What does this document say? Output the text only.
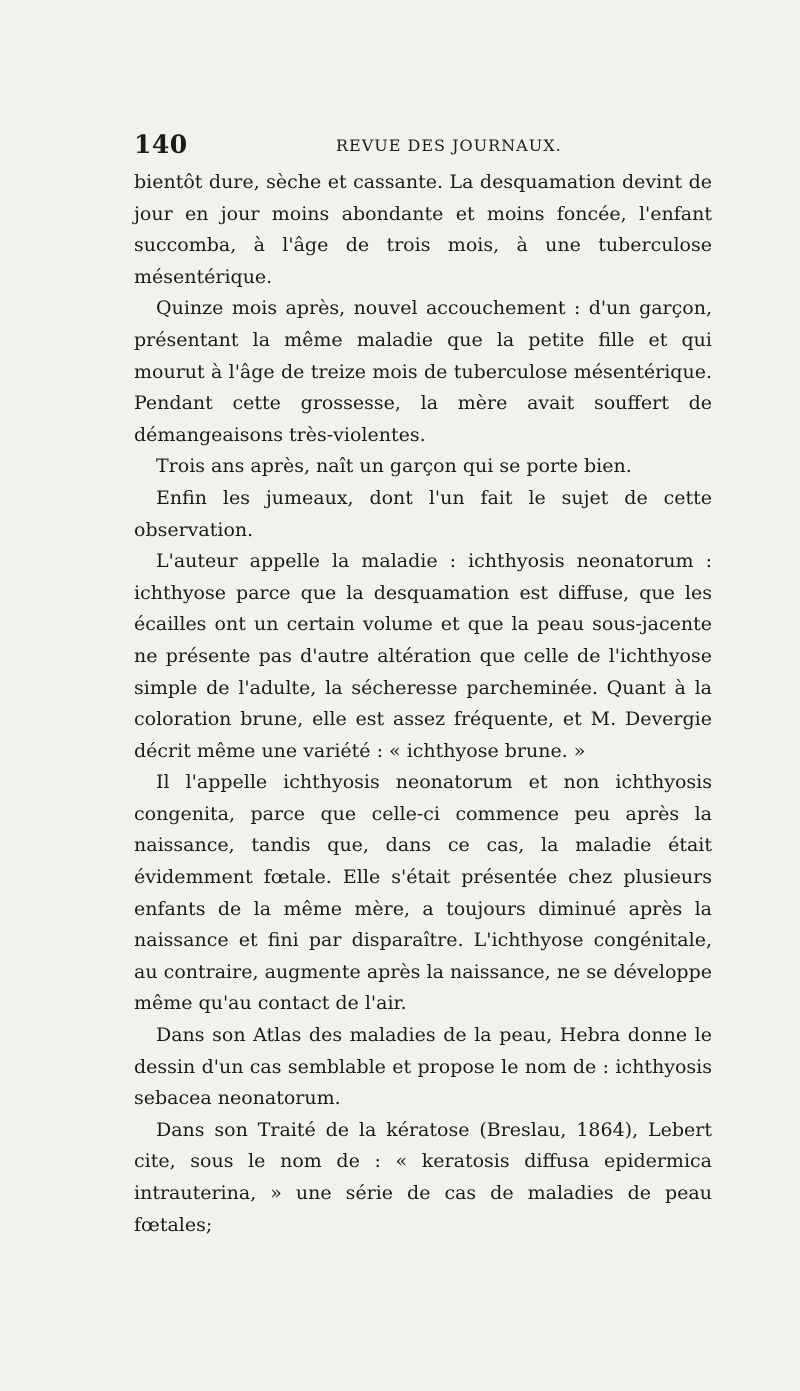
140	REVUE DES JOURNAUX.

bientôt dure, sèche et cassante. La desquamation devint de jour en jour moins abondante et moins foncée, l'enfant succomba, à l'âge de trois mois, à une tuberculose mésentérique.

Quinze mois après, nouvel accouchement : d'un garçon, présentant la même maladie que la petite fille et qui mourut à l'âge de treize mois de tuberculose mésentérique. Pendant cette grossesse, la mère avait souffert de démangeaisons très-violentes.

Trois ans après, naît un garçon qui se porte bien.

Enfin les jumeaux, dont l'un fait le sujet de cette observation.

L'auteur appelle la maladie : ichthyosis neonatorum : ichthyose parce que la desquamation est diffuse, que les écailles ont un certain volume et que la peau sous-jacente ne présente pas d'autre altération que celle de l'ichthyose simple de l'adulte, la sécheresse parcheminée. Quant à la coloration brune, elle est assez fréquente, et M. Devergie décrit même une variété : « ichthyose brune. »

Il l'appelle ichthyosis neonatorum et non ichthyosis congenita, parce que celle-ci commence peu après la naissance, tandis que, dans ce cas, la maladie était évidemment fœtale. Elle s'était présentée chez plusieurs enfants de la même mère, a toujours diminué après la naissance et fini par disparaître. L'ichthyose congénitale, au contraire, augmente après la naissance, ne se développe même qu'au contact de l'air.

Dans son Atlas des maladies de la peau, Hebra donne le dessin d'un cas semblable et propose le nom de : ichthyosis sebacea neonatorum.

Dans son Traité de la kératose (Breslau, 1864), Lebert cite, sous le nom de : « keratosis diffusa epidermica intrauterina, » une série de cas de maladies de peau fœtales;
